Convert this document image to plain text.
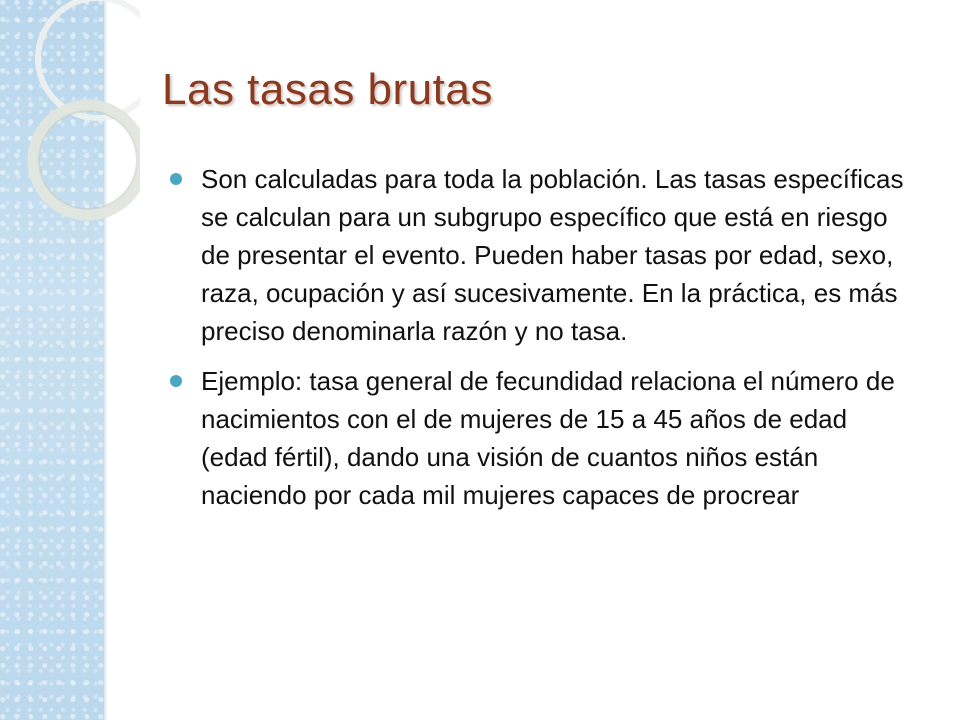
Las tasas brutas
Son calculadas para toda la población. Las tasas específicas se calculan para un subgrupo específico que está en riesgo de presentar el evento. Pueden haber tasas por edad, sexo, raza, ocupación y así sucesivamente. En la práctica, es más preciso denominarla razón y no tasa.
Ejemplo: tasa general de fecundidad relaciona el número de nacimientos con el de mujeres de 15 a 45 años de edad (edad fértil), dando una visión de cuantos niños están naciendo por cada mil mujeres capaces de procrear
